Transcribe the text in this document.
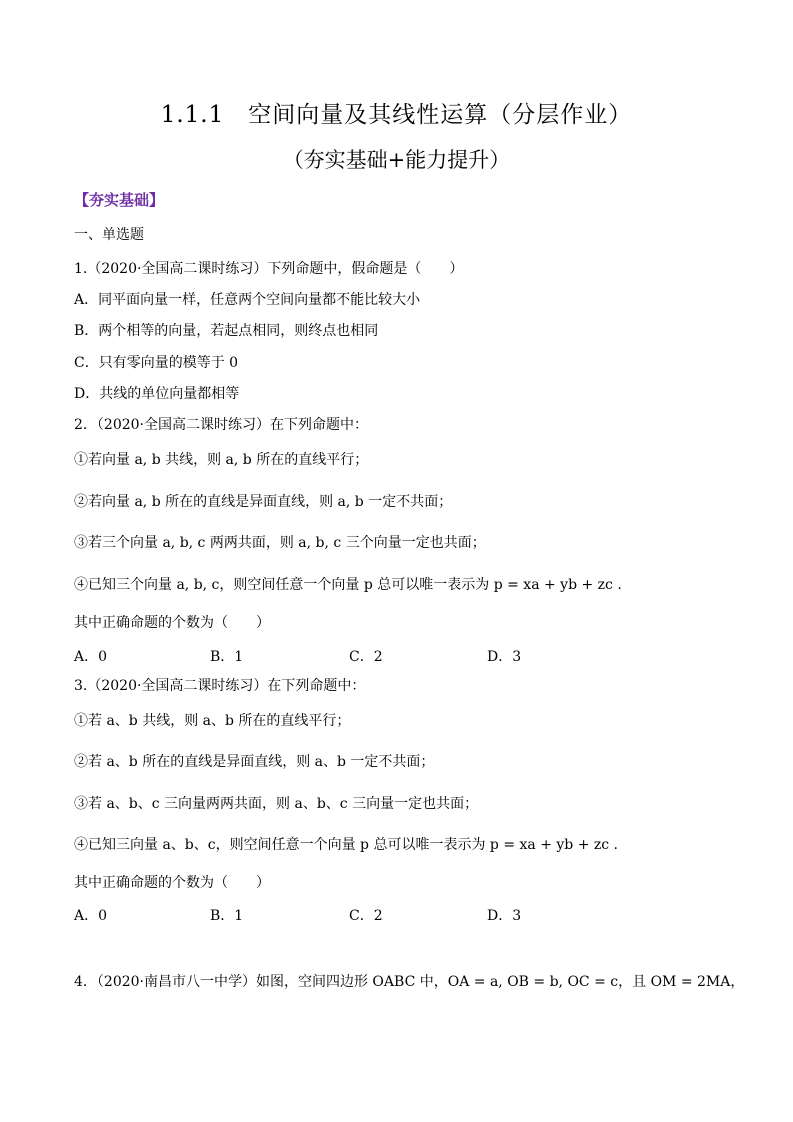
1.1.1　空间向量及其线性运算（分层作业）
（夯实基础+能力提升）
【夯实基础】
一、单选题
1.（2020·全国高二课时练习）下列命题中，假命题是（　　）
A．同平面向量一样，任意两个空间向量都不能比较大小
B．两个相等的向量，若起点相同，则终点也相同
C．只有零向量的模等于 0
D．共线的单位向量都相等
2．（2020·全国高二课时练习）在下列命题中：
①若向量 a, b 共线，则 a, b 所在的直线平行；
②若向量 a, b 所在的直线是异面直线，则 a, b 一定不共面；
③若三个向量 a, b, c 两两共面，则 a, b, c 三个向量一定也共面；
④已知三个向量 a, b, c，则空间任意一个向量 p 总可以唯一表示为 p = xa + yb + zc .
其中正确命题的个数为（　　）
A．0	B．1	C．2	D．3
3.（2020·全国高二课时练习）在下列命题中：
①若 a、b 共线，则 a、b 所在的直线平行；
②若 a、b 所在的直线是异面直线，则 a、b 一定不共面；
③若 a、b、c 三向量两两共面，则 a、b、c 三向量一定也共面；
④已知三向量 a、b、c，则空间任意一个向量 p 总可以唯一表示为 p = xa + yb + zc .
其中正确命题的个数为（　　）
A．0	B．1	C．2	D．3
4．（2020·南昌市八一中学）如图，空间四边形 OABC 中，OA = a, OB = b, OC = c，且 OM = 2MA，
